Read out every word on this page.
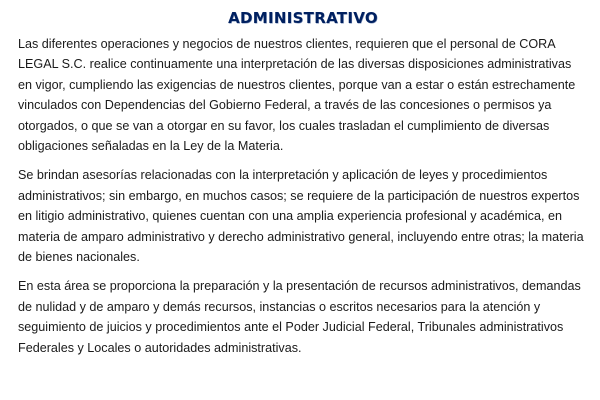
ADMINISTRATIVO

Las diferentes operaciones y negocios de nuestros clientes, requieren que el personal de CORA LEGAL S.C. realice continuamente una interpretación de las diversas disposiciones administrativas en vigor, cumpliendo las exigencias de nuestros clientes, porque van a estar o están estrechamente vinculados con Dependencias del Gobierno Federal, a través de las concesiones o permisos ya otorgados, o que se van a otorgar en su favor, los cuales trasladan el cumplimiento de diversas obligaciones señaladas en la Ley de la Materia.

Se brindan asesorías relacionadas con la interpretación y aplicación de leyes y procedimientos administrativos; sin embargo, en muchos casos; se requiere de la participación de nuestros expertos en litigio administrativo, quienes cuentan con una amplia experiencia profesional y académica, en materia de amparo administrativo y derecho administrativo general, incluyendo entre otras; la materia de bienes nacionales.

En esta área se proporciona la preparación y la presentación de recursos administrativos, demandas de nulidad y de amparo y demás recursos, instancias o escritos necesarios para la atención y seguimiento de juicios y procedimientos ante el Poder Judicial Federal, Tribunales administrativos Federales y Locales o autoridades administrativas.
